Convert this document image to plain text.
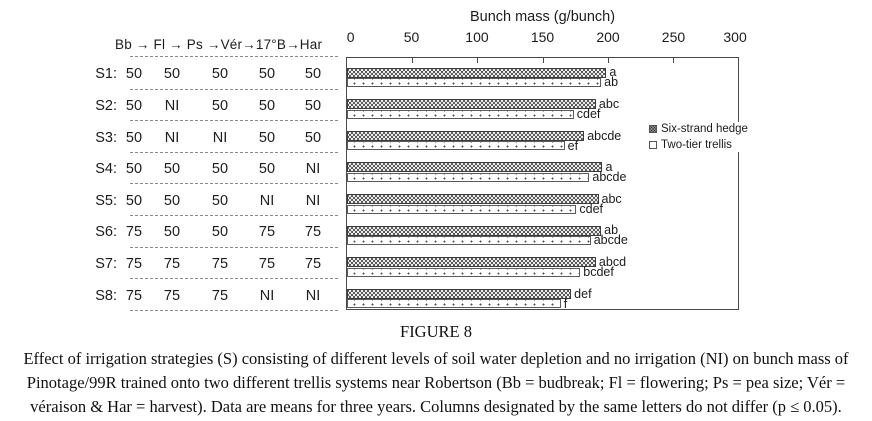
Bunch mass (g/bunch)
0	50	100	150	200	250	300
Bb → Fl → Ps →Vér→17°B→Har
S1: 50	50	50	50	50
S2: 50	NI	50	50	50
S3: 50	NI	NI	50	50
S4: 50	50	50	50	NI
S5: 50	50	50	NI	NI
S6: 75	50	50	75	75
S7: 75	75	75	75	75
S8: 75	75	75	NI	NI
a
ab
abc
cdef
abcde
ef
a
abcde
abc
cdef
ab
abcde
abcd
bcdef
def
f
Six-strand hedge
Two-tier trellis
FIGURE 8
Effect of irrigation strategies (S) consisting of different levels of soil water depletion and no irrigation (NI) on bunch mass of Pinotage/99R trained onto two different trellis systems near Robertson (Bb = budbreak; Fl = flowering; Ps = pea size; Vér = véraison & Har = harvest). Data are means for three years. Columns designated by the same letters do not differ (p ≤ 0.05).
